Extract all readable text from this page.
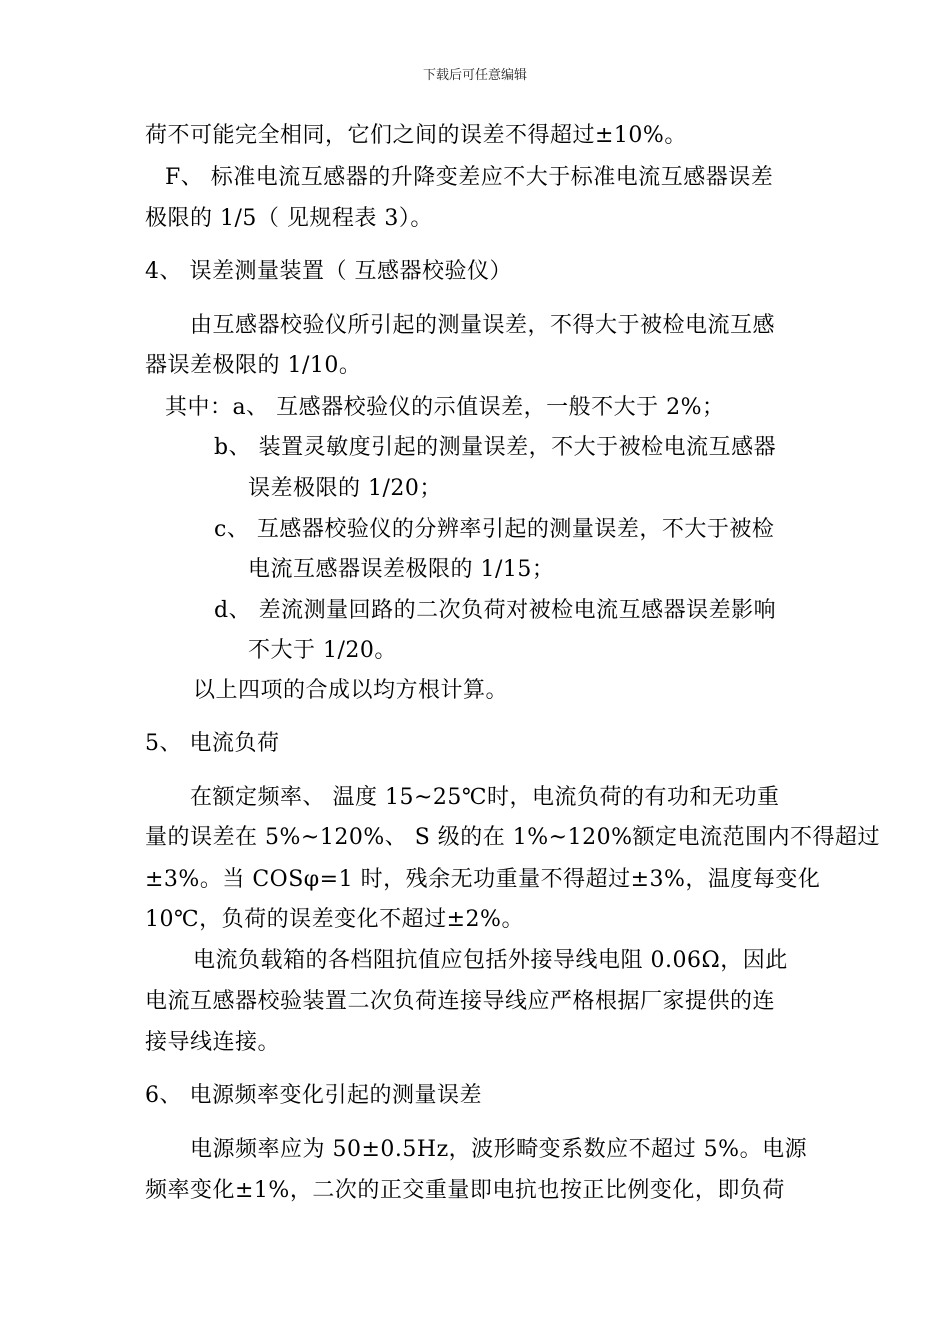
下载后可任意编辑
荷不可能完全相同，它们之间的误差不得超过±10%。
F、 标准电流互感器的升降变差应不大于标准电流互感器误差
极限的 1/5（ 见规程表 3）。
4、 误差测量装置（ 互感器校验仪）
由互感器校验仪所引起的测量误差，不得大于被检电流互感
器误差极限的 1/10。
其中：a、 互感器校验仪的示值误差，一般不大于 2%；
b、 装置灵敏度引起的测量误差，不大于被检电流互感器
误差极限的 1/20；
c、 互感器校验仪的分辨率引起的测量误差，不大于被检
电流互感器误差极限的 1/15；
d、 差流测量回路的二次负荷对被检电流互感器误差影响
不大于 1/20。
以上四项的合成以均方根计算。
5、 电流负荷
在额定频率、 温度 15~25℃时，电流负荷的有功和无功重
量的误差在 5%~120%、 S 级的在 1%~120%额定电流范围内不得超过
±3%。当 COSφ=1 时，残余无功重量不得超过±3%，温度每变化
10℃，负荷的误差变化不超过±2%。
电流负载箱的各档阻抗值应包括外接导线电阻 0.06Ω，因此
电流互感器校验装置二次负荷连接导线应严格根据厂家提供的连
接导线连接。
6、 电源频率变化引起的测量误差
电源频率应为 50±0.5Hz，波形畸变系数应不超过 5%。电源
频率变化±1%，二次的正交重量即电抗也按正比例变化，即负荷
